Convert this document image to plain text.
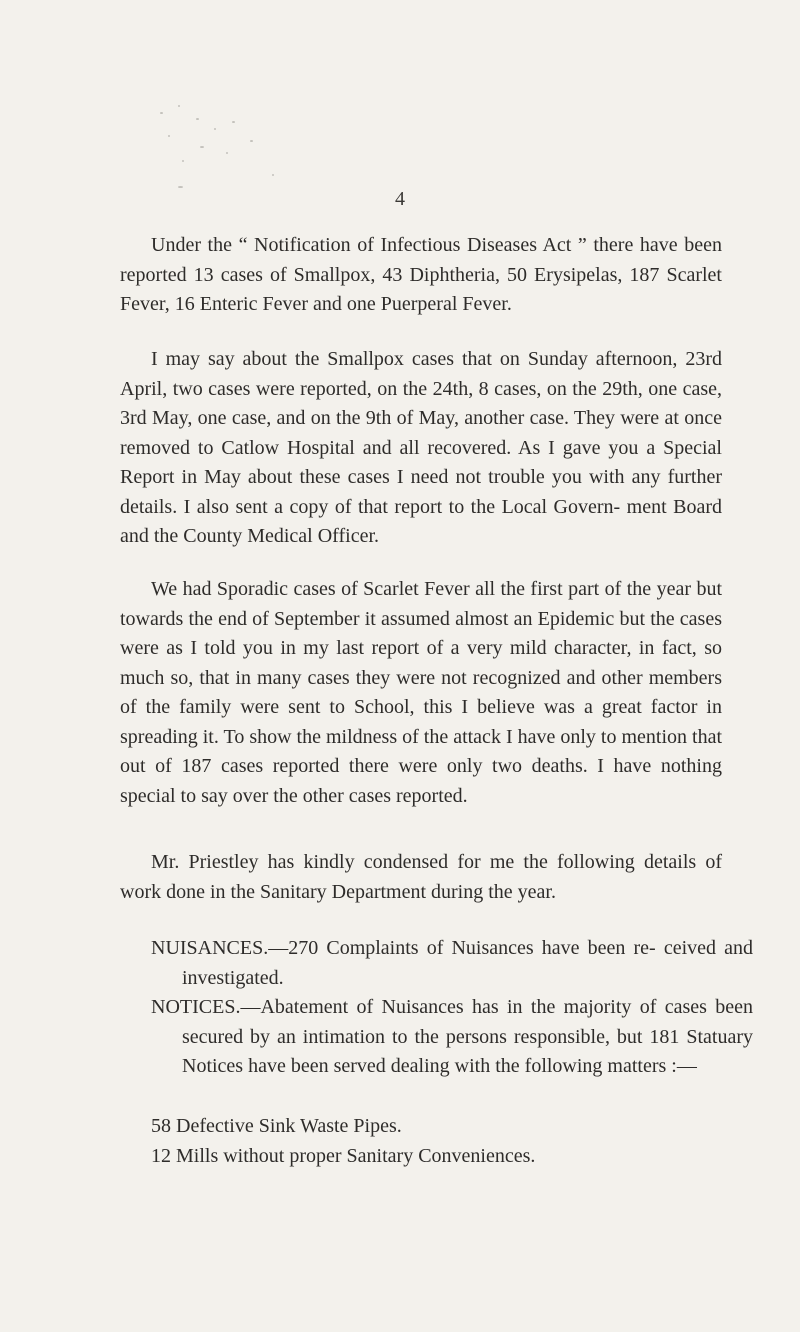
4

Under the “ Notification of Infectious Diseases Act ” there have been reported 13 cases of Smallpox, 43 Diphtheria, 50 Erysipelas, 187 Scarlet Fever, 16 Enteric Fever and one Puerperal Fever.

I may say about the Smallpox cases that on Sunday afternoon, 23rd April, two cases were reported, on the 24th, 8 cases, on the 29th, one case, 3rd May, one case, and on the 9th of May, another case. They were at once removed to Catlow Hospital and all recovered. As I gave you a Special Report in May about these cases I need not trouble you with any further details. I also sent a copy of that report to the Local Govern- ment Board and the County Medical Officer.

We had Sporadic cases of Scarlet Fever all the first part of the year but towards the end of September it assumed almost an Epidemic but the cases were as I told you in my last report of a very mild character, in fact, so much so, that in many cases they were not recognized and other members of the family were sent to School, this I believe was a great factor in spreading it. To show the mildness of the attack I have only to mention that out of 187 cases reported there were only two deaths. I have nothing special to say over the other cases reported.

Mr. Priestley has kindly condensed for me the following details of work done in the Sanitary Department during the year.

NUISANCES.—270 Complaints of Nuisances have been re- ceived and investigated.

NOTICES.—Abatement of Nuisances has in the majority of cases been secured by an intimation to the persons responsible, but 181 Statuary Notices have been served dealing with the following matters :—

58 Defective Sink Waste Pipes.

12 Mills without proper Sanitary Conveniences.
